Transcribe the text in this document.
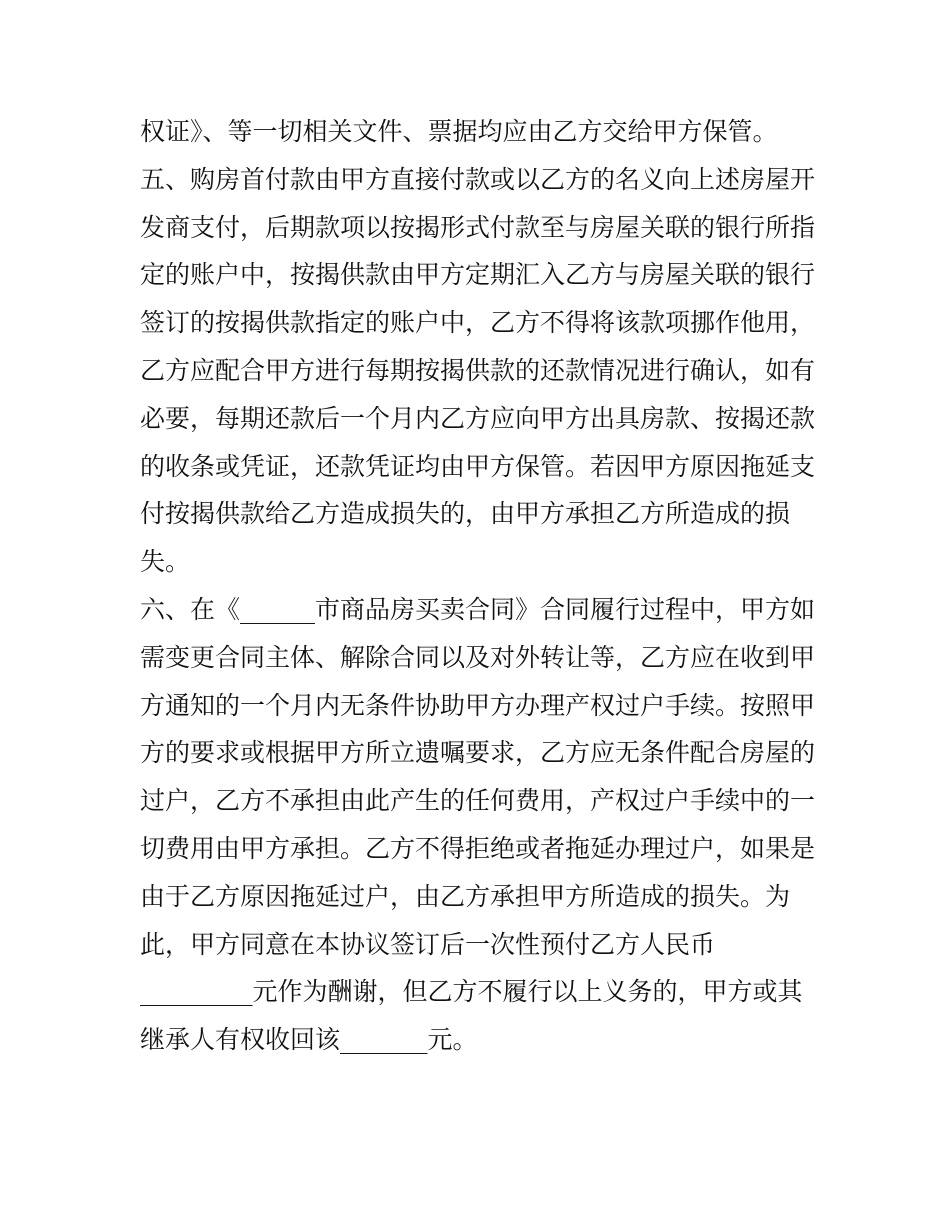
权证》、等一切相关文件、票据均应由乙方交给甲方保管。
五、购房首付款由甲方直接付款或以乙方的名义向上述房屋开
发商支付，后期款项以按揭形式付款至与房屋关联的银行所指
定的账户中，按揭供款由甲方定期汇入乙方与房屋关联的银行
签订的按揭供款指定的账户中，乙方不得将该款项挪作他用，
乙方应配合甲方进行每期按揭供款的还款情况进行确认，如有
必要，每期还款后一个月内乙方应向甲方出具房款、按揭还款
的收条或凭证，还款凭证均由甲方保管。若因甲方原因拖延支
付按揭供款给乙方造成损失的，由甲方承担乙方所造成的损
失。
六、在《______市商品房买卖合同》合同履行过程中，甲方如
需变更合同主体、解除合同以及对外转让等，乙方应在收到甲
方通知的一个月内无条件协助甲方办理产权过户手续。按照甲
方的要求或根据甲方所立遗嘱要求，乙方应无条件配合房屋的
过户，乙方不承担由此产生的任何费用，产权过户手续中的一
切费用由甲方承担。乙方不得拒绝或者拖延办理过户，如果是
由于乙方原因拖延过户，由乙方承担甲方所造成的损失。为
此，甲方同意在本协议签订后一次性预付乙方人民币
_________元作为酬谢，但乙方不履行以上义务的，甲方或其
继承人有权收回该_______元。
